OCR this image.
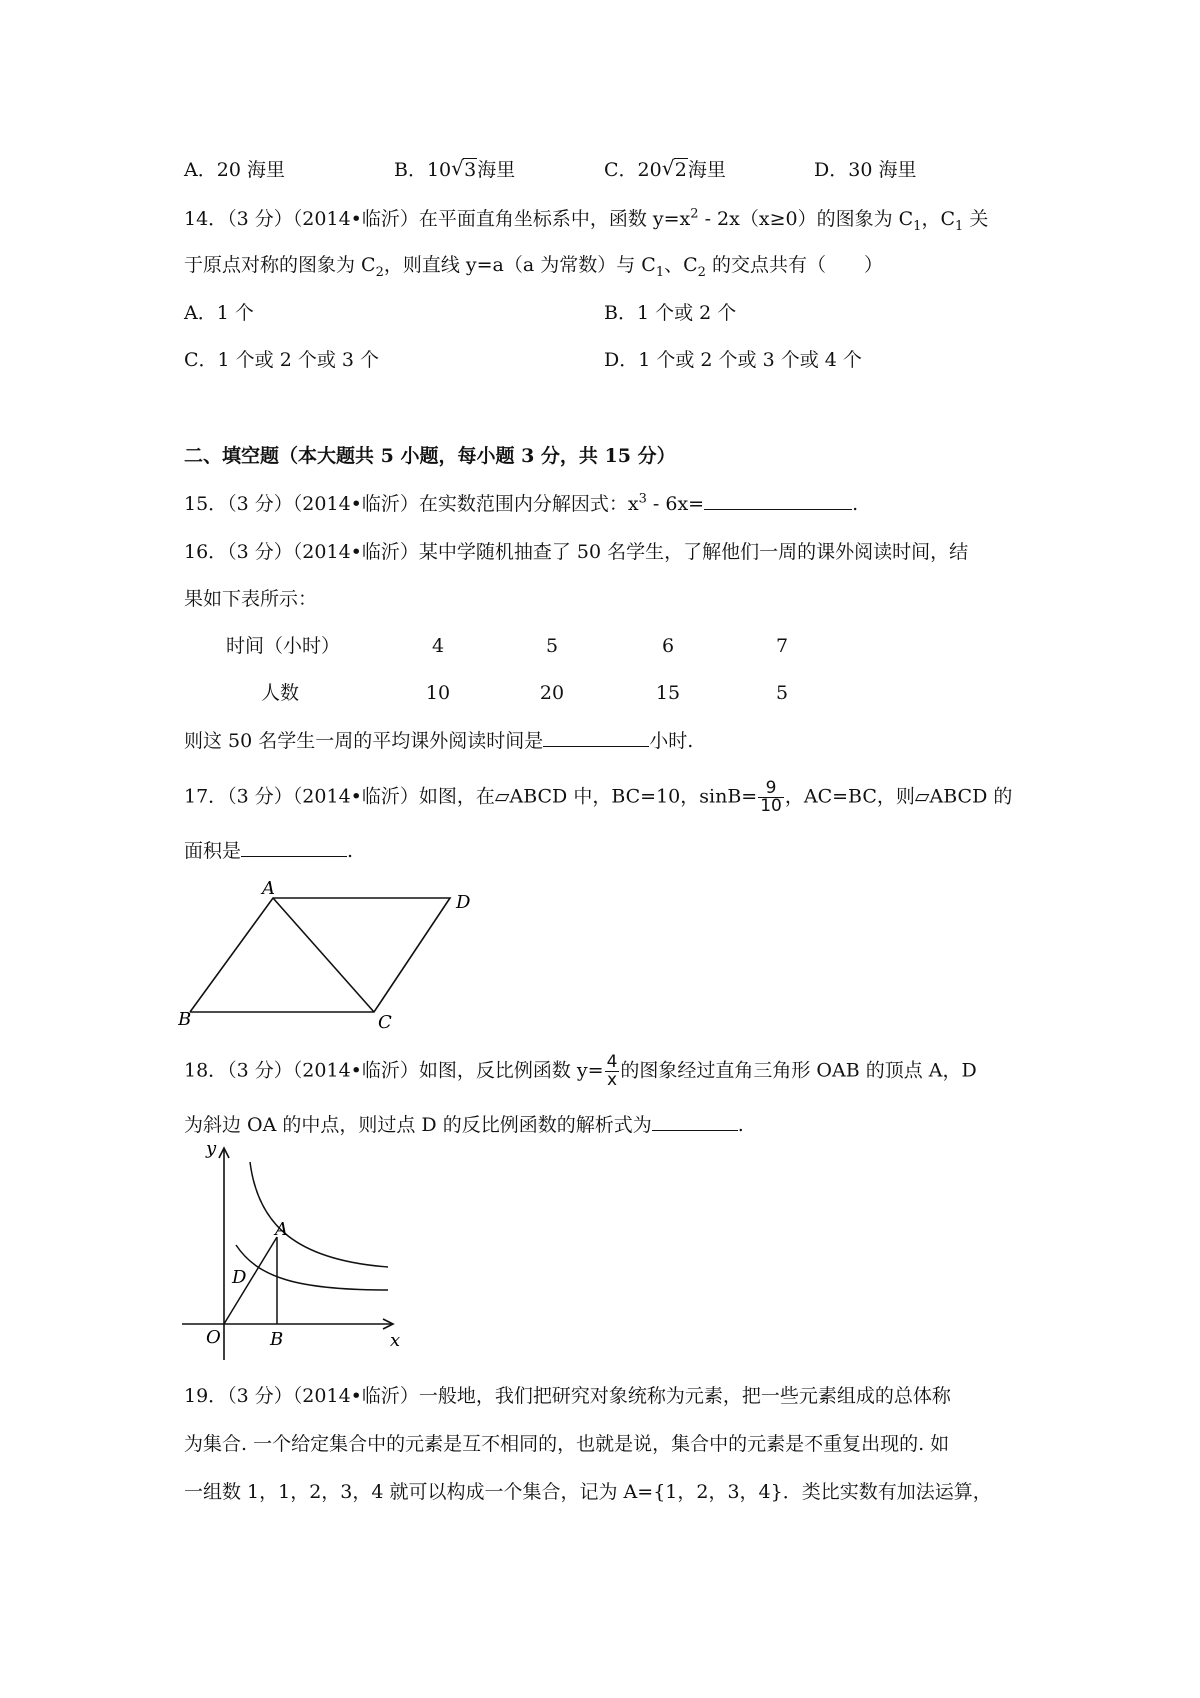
A．20 海里	B．10 √ 3海里	C．20 √ 2海里	D．30 海里
14．（3 分）（2014•临沂）在平面直角坐标系中，函数 $y=x^2 - 2x(x\ge 0)$的图象为 $C_1$，$C_1$ 关
于原点对称的图象为 $C_2$，则直线 y=a（a 为常数）与 $C_1$、$C_2$ 的交点共有（　　）
A．1 个	B．1 个或 2 个
C．1 个或 2 个或 3 个	D．1 个或 2 个或 3 个或 4 个
二、填空题（本大题共 5 小题，每小题 3 分，共 15 分）
15．（3 分）（2014•临沂）在实数范围内分解因式：$x^3 - 6x=$	.
16．（3 分）（2014•临沂）某中学随机抽查了 50 名学生，了解他们一周的课外阅读时间，结
果如下表所示：
时间（小时）	4	5	6	7
人数	10	20	15	5
则这 50 名学生一周的平均课外阅读时间是	小时.
17．（3 分）（2014•临沂）如图，在▱ABCD 中，BC=10，$\sin B= \frac{9}{10}$ ，AC=BC，则▱ABCD 的
面积是	.
A
D
B	C
18．（3 分）（2014•临沂）如图，反比例函数 $y= \frac{4}{x}$ 的图象经过直角三角形 OAB 的顶点 A，D
为斜边 OA 的中点，则过点 D 的反比例函数的解析式为	.
y
x
O	B
A
D
19．（3 分）（2014•临沂）一般地，我们把研究对象统称为元素，把一些元素组成的总体称
为集合. 一个给定集合中的元素是互不相同的，也就是说，集合中的元素是不重复出现的. 如
一组数 1，1，2，3，4 就可以构成一个集合，记为 A={1，2，3，4}．类比实数有加法运算，
